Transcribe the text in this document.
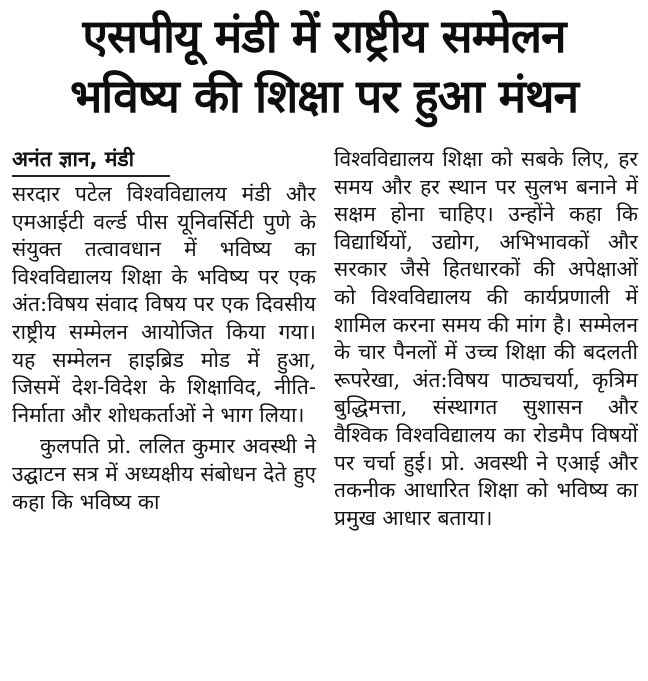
एसपीयू मंडी में राष्ट्रीय सम्मेलन
भविष्य की शिक्षा पर हुआ मंथन
अनंत ज्ञान, मंडी
सरदार पटेल विश्वविद्यालय मंडी और एमआईटी वर्ल्ड पीस यूनिवर्सिटी पुणे के संयुक्त तत्वावधान में भविष्य का विश्वविद्यालय शिक्षा के भविष्य पर एक अंत:विषय संवाद विषय पर एक दिवसीय राष्ट्रीय सम्मेलन आयोजित किया गया। यह सम्मेलन हाइब्रिड मोड में हुआ, जिसमें देश-विदेश के शिक्षाविद, नीति-निर्माता और शोधकर्ताओं ने भाग लिया।
कुलपति प्रो. ललित कुमार अवस्थी ने उद्घाटन सत्र में अध्यक्षीय संबोधन देते हुए कहा कि भविष्य का
विश्वविद्यालय शिक्षा को सबके लिए, हर समय और हर स्थान पर सुलभ बनाने में सक्षम होना चाहिए। उन्होंने कहा कि विद्यार्थियों, उद्योग, अभिभावकों और सरकार जैसे हितधारकों की अपेक्षाओं को विश्वविद्यालय की कार्यप्रणाली में शामिल करना समय की मांग है। सम्मेलन के चार पैनलों में उच्च शिक्षा की बदलती रूपरेखा, अंत:विषय पाठ्यचर्या, कृत्रिम बुद्धिमत्ता, संस्थागत सुशासन और वैश्विक विश्वविद्यालय का रोडमैप विषयों पर चर्चा हुई। प्रो. अवस्थी ने एआई और तकनीक आधारित शिक्षा को भविष्य का प्रमुख आधार बताया।
